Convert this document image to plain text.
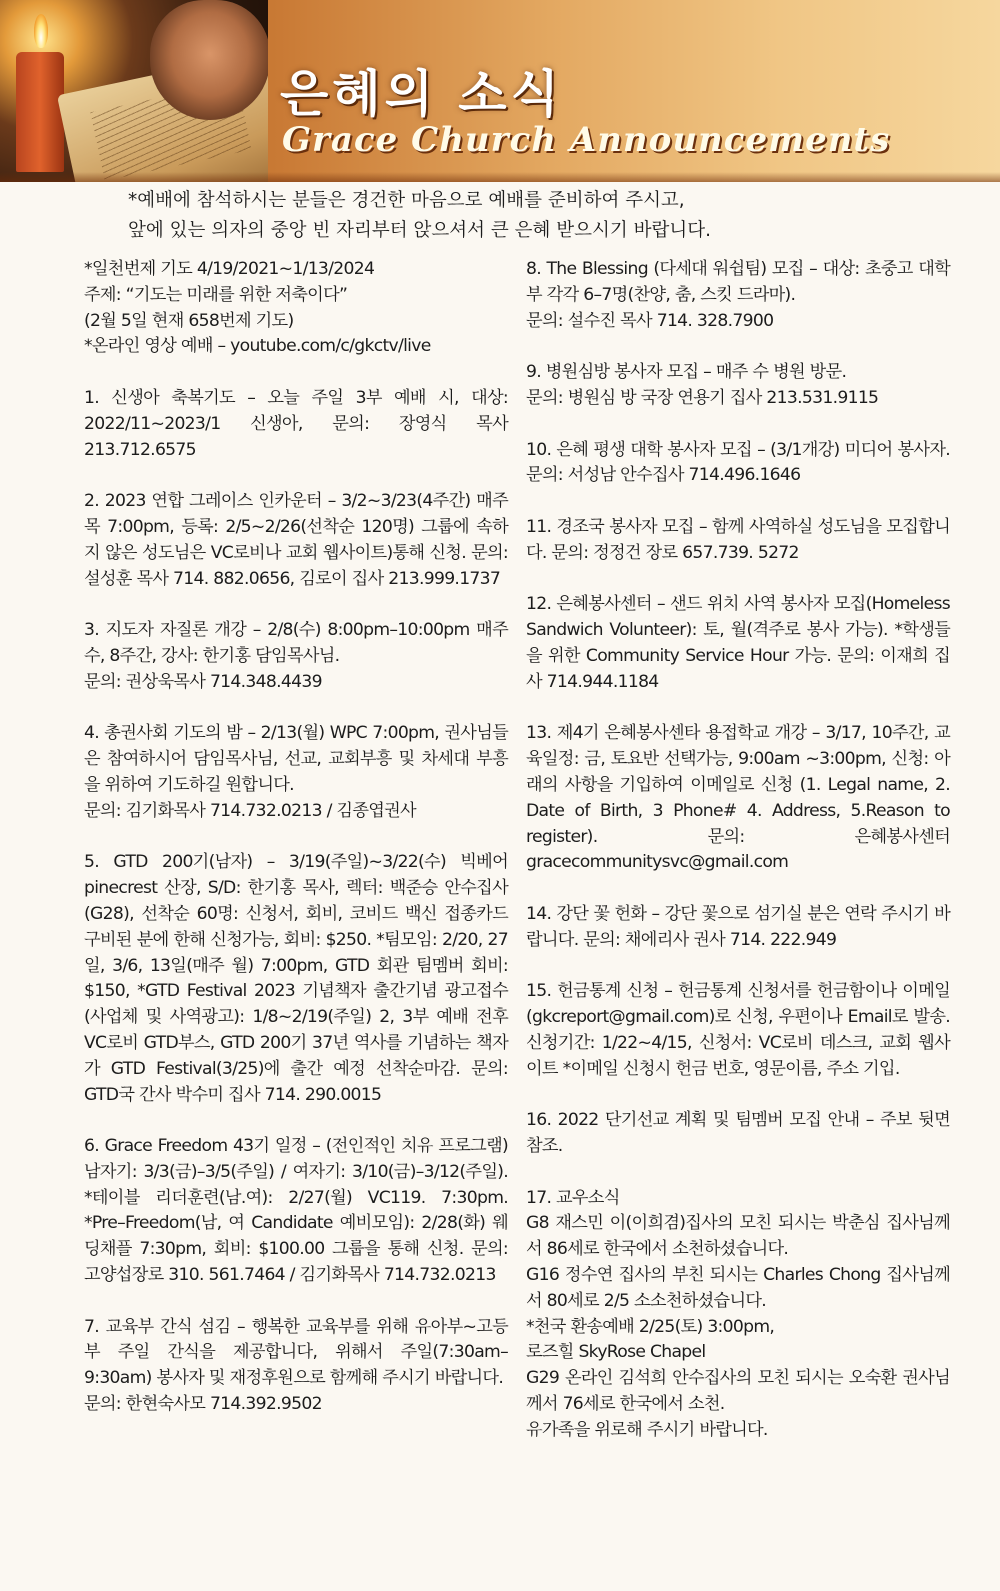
은혜의 소식
Grace Church Announcements

*예배에 참석하시는 분들은 경건한 마음으로 예배를 준비하여 주시고,

앞에 있는 의자의 중앙 빈 자리부터 앉으셔서 큰 은혜 받으시기 바랍니다.

*일천번제 기도 4/19/2021~1/13/2024

주제: “기도는 미래를 위한 저축이다”

(2월 5일 현재 658번제 기도)

*온라인 영상 예배 – youtube.com/c/gkctv/live

1. 신생아 축복기도 – 오늘 주일 3부 예배 시, 대상: 2022/11~2023/1 신생아, 문의: 장영식 목사 213.712.6575

2. 2023 연합 그레이스 인카운터 – 3/2~3/23(4주간) 매주 목 7:00pm, 등록: 2/5~2/26(선착순 120명) 그룹에 속하지 않은 성도님은 VC로비나 교회 웹사이트)통해 신청. 문의: 설성훈 목사 714. 882.0656, 김로이 집사 213.999.1737

3. 지도자 자질론 개강 – 2/8(수) 8:00pm–10:00pm 매주 수, 8주간, 강사: 한기홍 담임목사님.

문의: 권상욱목사 714.348.4439

4. 총권사회 기도의 밤 – 2/13(월) WPC 7:00pm, 권사님들은 참여하시어 담임목사님, 선교, 교회부흥 및 차세대 부흥을 위하여 기도하길 원합니다.

문의: 김기화목사 714.732.0213 / 김종엽권사

5. GTD 200기(남자) – 3/19(주일)~3/22(수) 빅베어 pinecrest 산장, S/D: 한기홍 목사, 렉터: 백준승 안수집사(G28), 선착순 60명: 신청서, 회비, 코비드 백신 접종카드 구비된 분에 한해 신청가능, 회비: $250. *팀모임: 2/20, 27일, 3/6, 13일(매주 월) 7:00pm, GTD 회관 팀멤버 회비: $150, *GTD Festival 2023 기념책자 출간기념 광고접수(사업체 및 사역광고): 1/8~2/19(주일) 2, 3부 예배 전후 VC로비 GTD부스, GTD 200기 37년 역사를 기념하는 책자가 GTD Festival(3/25)에 출간 예정 선착순마감. 문의: GTD국 간사 박수미 집사 714. 290.0015

6. Grace Freedom 43기 일정 – (전인적인 치유 프로그램) 남자기: 3/3(금)–3/5(주일) / 여자기: 3/10(금)–3/12(주일). *테이블 리더훈련(남.여): 2/27(월) VC119. 7:30pm. *Pre–Freedom(남, 여 Candidate 예비모임): 2/28(화) 웨딩채플 7:30pm, 회비: $100.00 그룹을 통해 신청. 문의: 고양섭장로 310. 561.7464 / 김기화목사 714.732.0213

7. 교육부 간식 섬김 – 행복한 교육부를 위해 유아부~고등부 주일 간식을 제공합니다, 위해서 주일(7:30am–9:30am) 봉사자 및 재정후원으로 함께해 주시기 바랍니다.

문의: 한현숙사모 714.392.9502

8. The Blessing (다세대 워쉽팀) 모집 – 대상: 초중고 대학부 각각 6–7명(찬양, 춤, 스킷 드라마).

문의: 설수진 목사 714. 328.7900

9. 병원심방 봉사자 모집 – 매주 수 병원 방문.

문의: 병원심 방 국장 연용기 집사 213.531.9115

10. 은혜 평생 대학 봉사자 모집 – (3/1개강) 미디어 봉사자. 문의: 서성남 안수집사 714.496.1646

11. 경조국 봉사자 모집 – 함께 사역하실 성도님을 모집합니다. 문의: 정정건 장로 657.739. 5272

12. 은혜봉사센터 – 샌드 위치 사역 봉사자 모집(Homeless Sandwich Volunteer): 토, 월(격주로 봉사 가능). *학생들을 위한 Community Service Hour 가능. 문의: 이재희 집사 714.944.1184

13. 제4기 은혜봉사센타 용접학교 개강 – 3/17, 10주간, 교육일정: 금, 토요반 선택가능, 9:00am ~3:00pm, 신청: 아래의 사항을 기입하여 이메일로 신청 (1. Legal name, 2. Date of Birth, 3 Phone# 4. Address, 5.Reason to register). 문의: 은혜봉사센터 gracecommunitysvc@gmail.com

14. 강단 꽃 헌화 – 강단 꽃으로 섬기실 분은 연락 주시기 바랍니다. 문의: 채에리사 권사 714. 222.949

15. 헌금통계 신청 – 헌금통계 신청서를 헌금함이나 이메일(gkcreport@gmail.com)로 신청, 우편이나 Email로 발송. 신청기간: 1/22~4/15, 신청서: VC로비 데스크, 교회 웹사이트 *이메일 신청시 헌금 번호, 영문이름, 주소 기입.

16. 2022 단기선교 계획 및 팀멤버 모집 안내 – 주보 뒷면 참조.

17. 교우소식

G8 재스민 이(이희겸)집사의 모친 되시는 박춘심 집사님께서 86세로 한국에서 소천하셨습니다.

G16 정수연 집사의 부친 되시는 Charles Chong 집사님께서 80세로 2/5 소소천하셨습니다.

*천국 환송예배 2/25(토) 3:00pm,

로즈힐 SkyRose Chapel

G29 온라인 김석희 안수집사의 모친 되시는 오숙환 권사님께서 76세로 한국에서 소천.

유가족을 위로해 주시기 바랍니다.
